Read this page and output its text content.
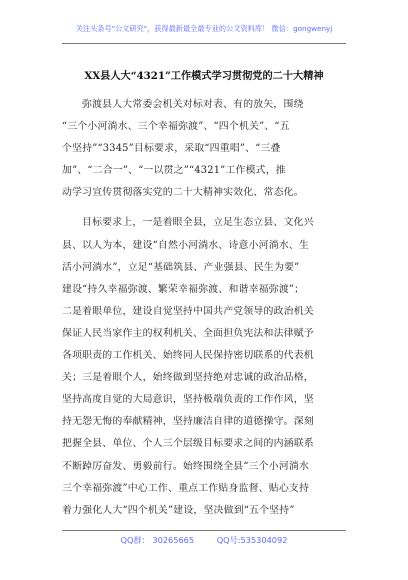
关注头条号"公文研究"，获得最新最全最专业的公文资料库！ 微信：gongwenyj
XX县人大“4321”工作模式学习贯彻党的二十大精神
弥渡县人大常委会机关对标对表、有的放矢，围绕
“三个小河淌水、三个幸福弥渡”、“四个机关”、“五
个坚持”“3345”目标要求，采取“四重唱”、“三叠
加”、“二合一”、“一以贯之”“4321”工作模式，推
动学习宣传贯彻落实党的二十大精神实效化、常态化。
目标要求上，一是着眼全县，立足生态立县、文化兴
县、以人为本，建设“自然小河淌水、诗意小河淌水、生
活小河淌水”，立足“基础筑县、产业强县、民生为要”
建设“持久幸福弥渡、繁荣幸福弥渡、和谐幸福弥渡”；
二是着眼单位，建设自觉坚持中国共产党领导的政治机关
保证人民当家作主的权利机关、全面担负宪法和法律赋予
各项职责的工作机关、始终同人民保持密切联系的代表机
关；三是着眼个人，始终做到坚持绝对忠诚的政治品格，
坚持高度自觉的大局意识，坚持极端负责的工作作风，坚
持无怨无悔的奉献精神，坚持廉洁自律的道德操守。深刻
把握全县、单位、个人三个层级目标要求之间的内涵联系
不断踔厉奋发、勇毅前行。始终围绕全县“三个小河淌水
三个幸福弥渡”中心工作、重点工作贴身监督、贴心支持
着力强化人大“四个机关”建设，坚决做到“五个坚持”
QQ群： 30265665	QQ号:535304092
